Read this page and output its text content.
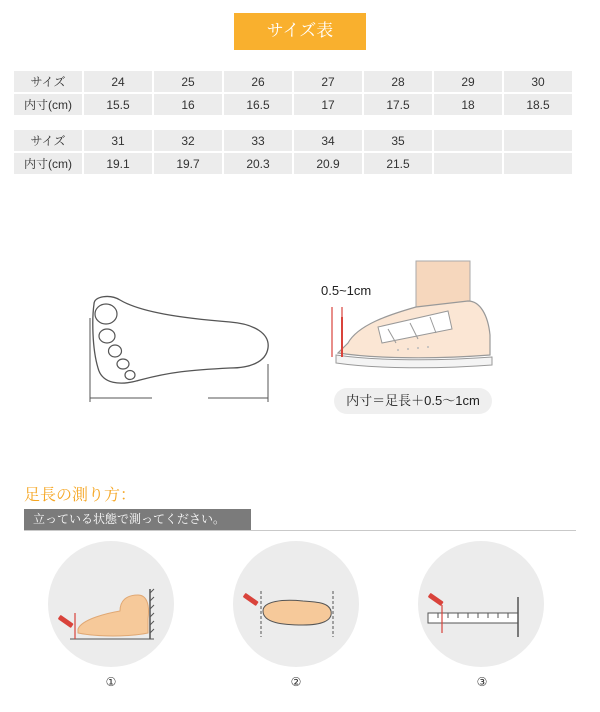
サイズ表
サイズ	24	25	26	27	28	29	30
内寸(cm)	15.5	16	16.5	17	17.5	18	18.5
サイズ	31	32	33	34	35		
内寸(cm)	19.1	19.7	20.3	20.9	21.5		
0.5~1cm
内寸＝足長＋0.5～1cm
足長の測り方：
立っている状態で測ってください。
①	②	③
